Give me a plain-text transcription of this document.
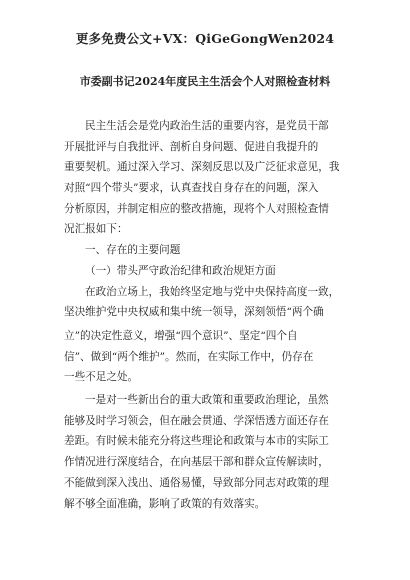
更多免费公文+VX：QiGeGongWen2024
市委副书记2024年度民主生活会个人对照检查材料
民主生活会是党内政治生活的重要内容，是党员干部
开展批评与自我批评、剖析自身问题、促进自我提升的
重要契机。通过深入学习、深刻反思以及广泛征求意见，我
对照“四个带头”要求，认真查找自身存在的问题，深入
分析原因，并制定相应的整改措施，现将个人对照检查情
况汇报如下：
一、存在的主要问题
（一）带头严守政治纪律和政治规矩方面
在政治立场上，我始终坚定地与党中央保持高度一致，
坚决维护党中央权威和集中统一领导，深刻领悟“两个确
立”的决定性意义，增强“四个意识”、坚定“四个自
信”、做到“两个维护”。然而，在实际工作中，仍存在
一些不足之处。
一是对一些新出台的重大政策和重要政治理论，虽然
能够及时学习领会，但在融会贯通、学深悟透方面还存在
差距。有时候未能充分将这些理论和政策与本市的实际工
作情况进行深度结合，在向基层干部和群众宣传解读时，
不能做到深入浅出、通俗易懂，导致部分同志对政策的理
解不够全面准确，影响了政策的有效落实。
